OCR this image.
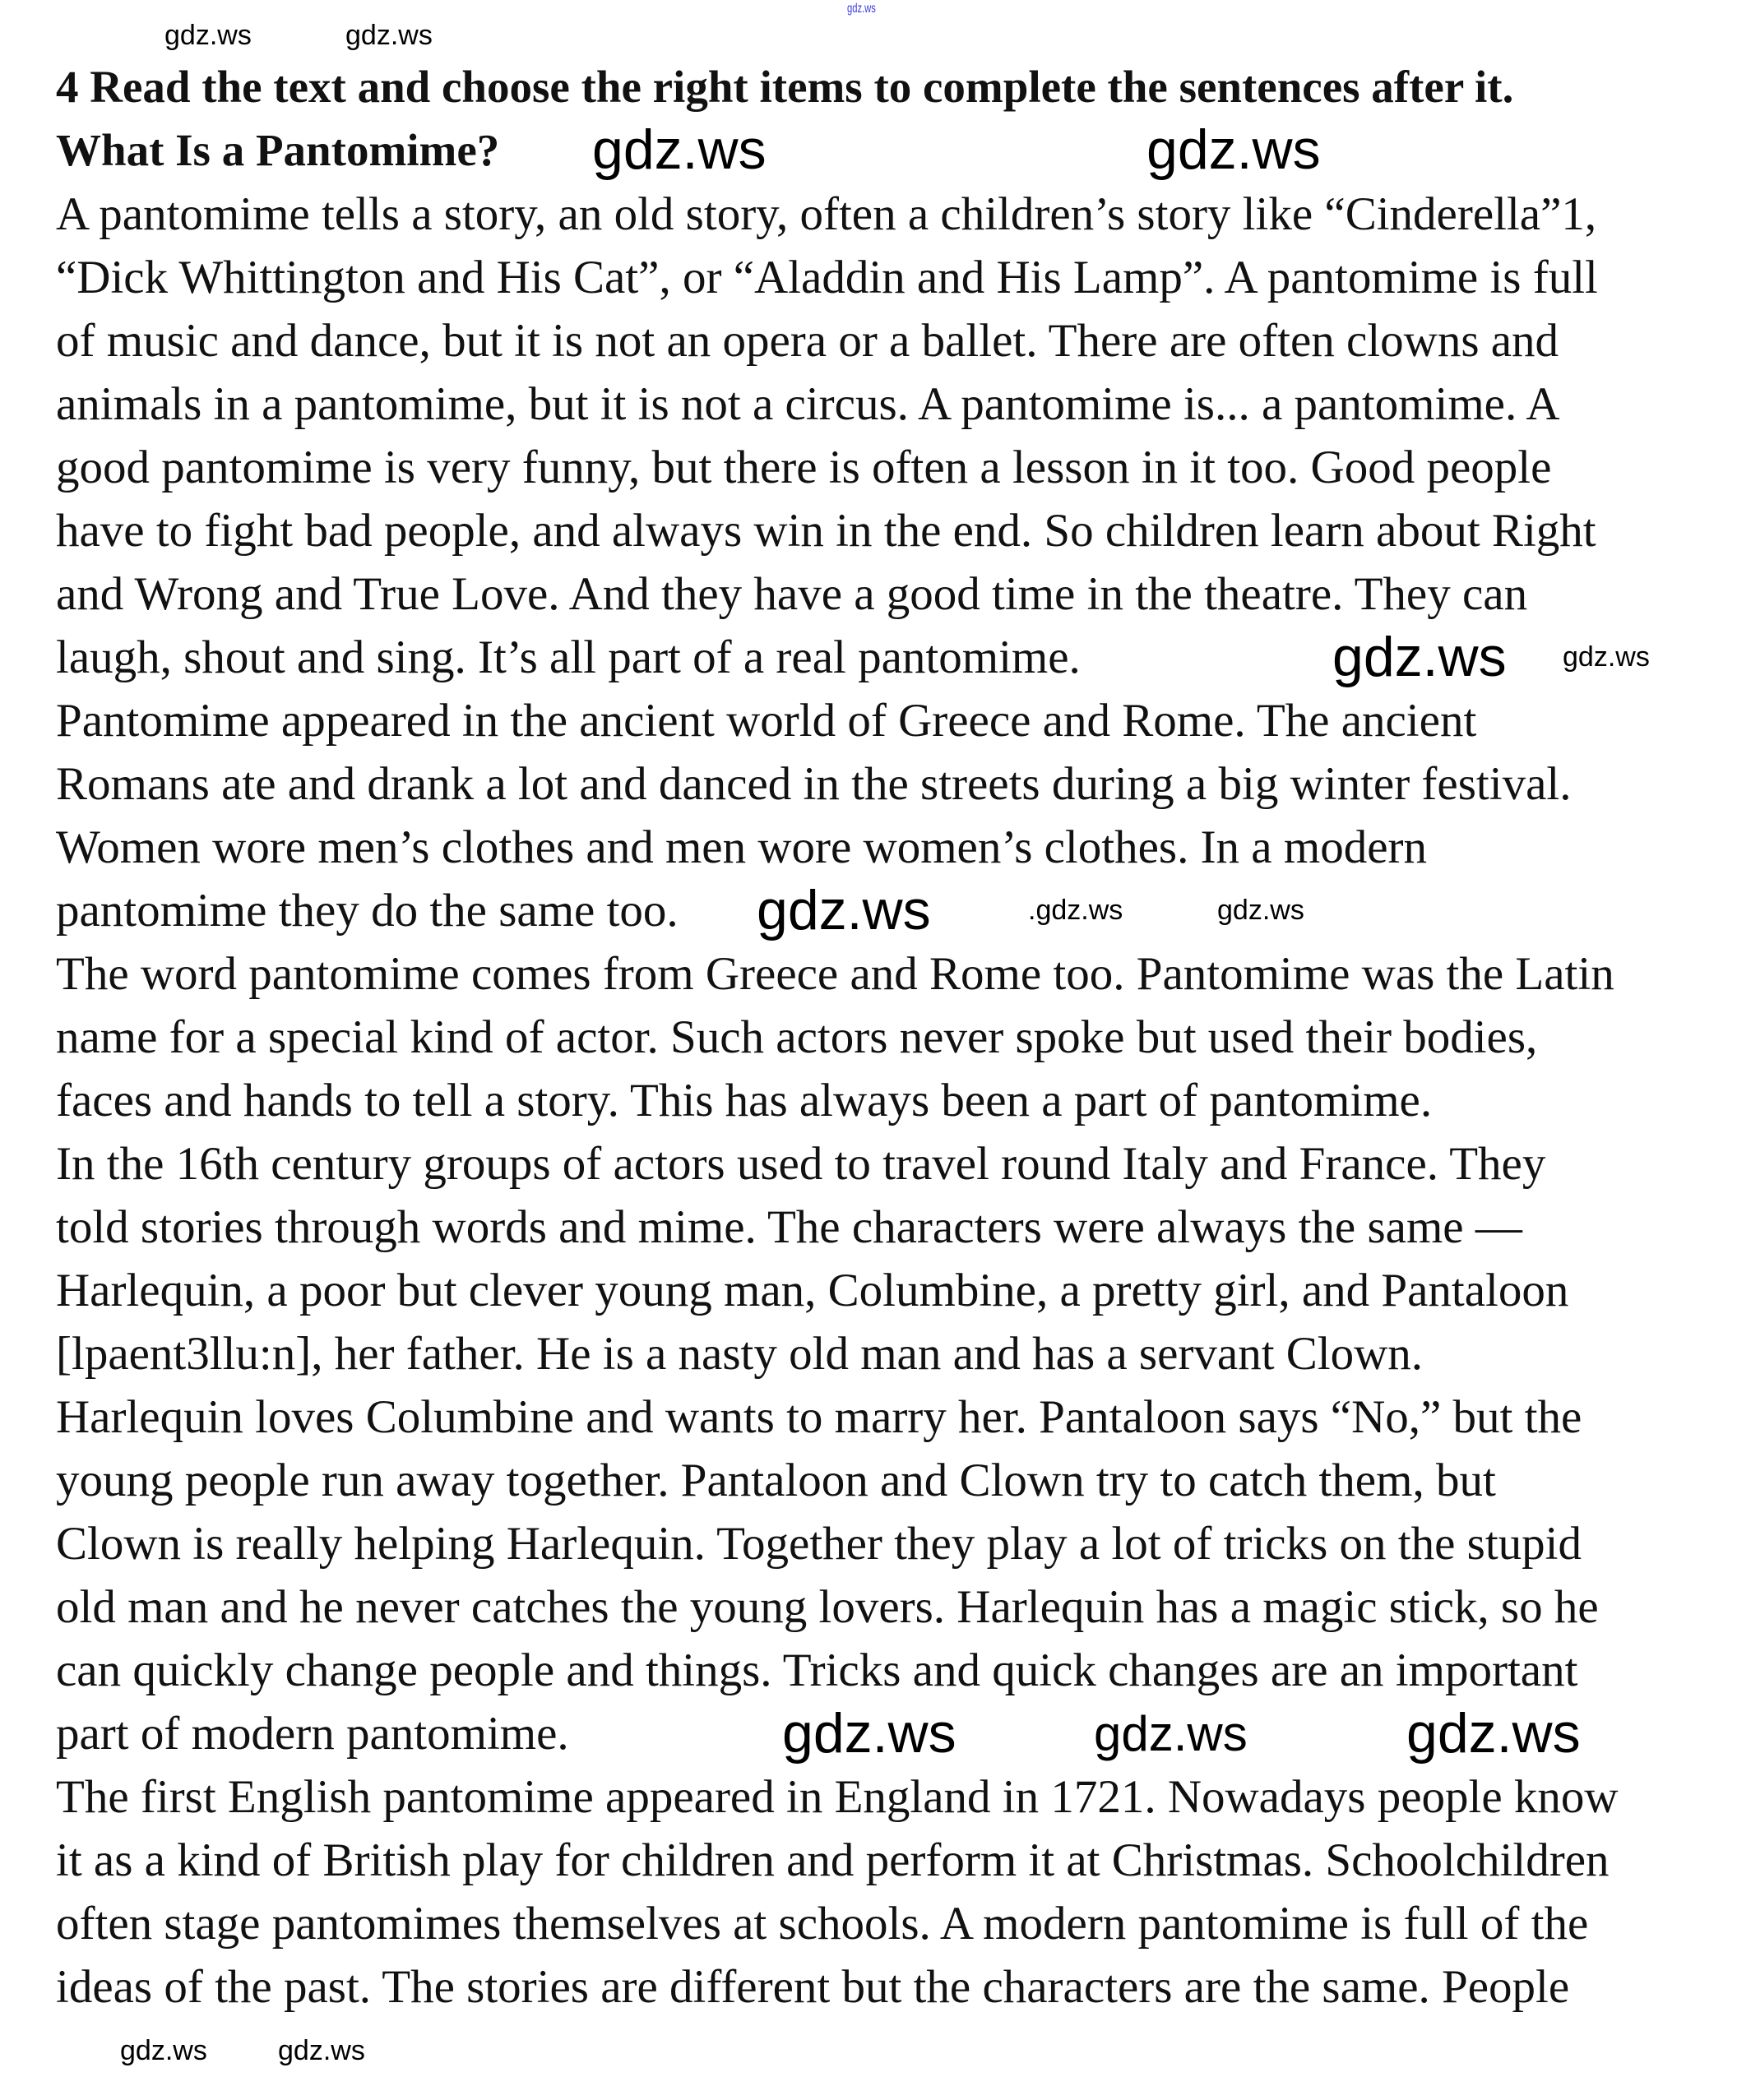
gdz.ws
4 Read the text and choose the right items to complete the sentences after it.
What Is a Pantomime?
A pantomime tells a story, an old story, often a children’s story like “Cinderella”1,
“Dick Whittington and His Cat”, or “Aladdin and His Lamp”. A pantomime is full
of music and dance, but it is not an opera or a ballet. There are often clowns and
animals in a pantomime, but it is not a circus. A pantomime is... a pantomime. A
good pantomime is very funny, but there is often a lesson in it too. Good people
have to fight bad people, and always win in the end. So children learn about Right
and Wrong and True Love. And they have a good time in the theatre. They can
laugh, shout and sing. It’s all part of a real pantomime.
Pantomime appeared in the ancient world of Greece and Rome. The ancient
Romans ate and drank a lot and danced in the streets during a big winter festival.
Women wore men’s clothes and men wore women’s clothes. In a modern
pantomime they do the same too.
The word pantomime comes from Greece and Rome too. Pantomime was the Latin
name for a special kind of actor. Such actors never spoke but used their bodies,
faces and hands to tell a story. This has always been a part of pantomime.
In the 16th century groups of actors used to travel round Italy and France. They
told stories through words and mime. The characters were always the same —
Harlequin, a poor but clever young man, Columbine, a pretty girl, and Pantaloon
[lpaent3llu:n], her father. He is a nasty old man and has a servant Clown.
Harlequin loves Columbine and wants to marry her. Pantaloon says “No,” but the
young people run away together. Pantaloon and Clown try to catch them, but
Clown is really helping Harlequin. Together they play a lot of tricks on the stupid
old man and he never catches the young lovers. Harlequin has a magic stick, so he
can quickly change people and things. Tricks and quick changes are an important
part of modern pantomime.
The first English pantomime appeared in England in 1721. Nowadays people know
it as a kind of British play for children and perform it at Christmas. Schoolchildren
often stage pantomimes themselves at schools. A modern pantomime is full of the
ideas of the past. The stories are different but the characters are the same. People
gdz.ws	gdz.ws
gdz.ws
gdz.ws
gdz.ws
gdz.ws	gdz.ws
gdz.ws	gdz.ws
gdz.ws
.gdz.ws	gdz.ws
gdz.ws	gdz.ws
